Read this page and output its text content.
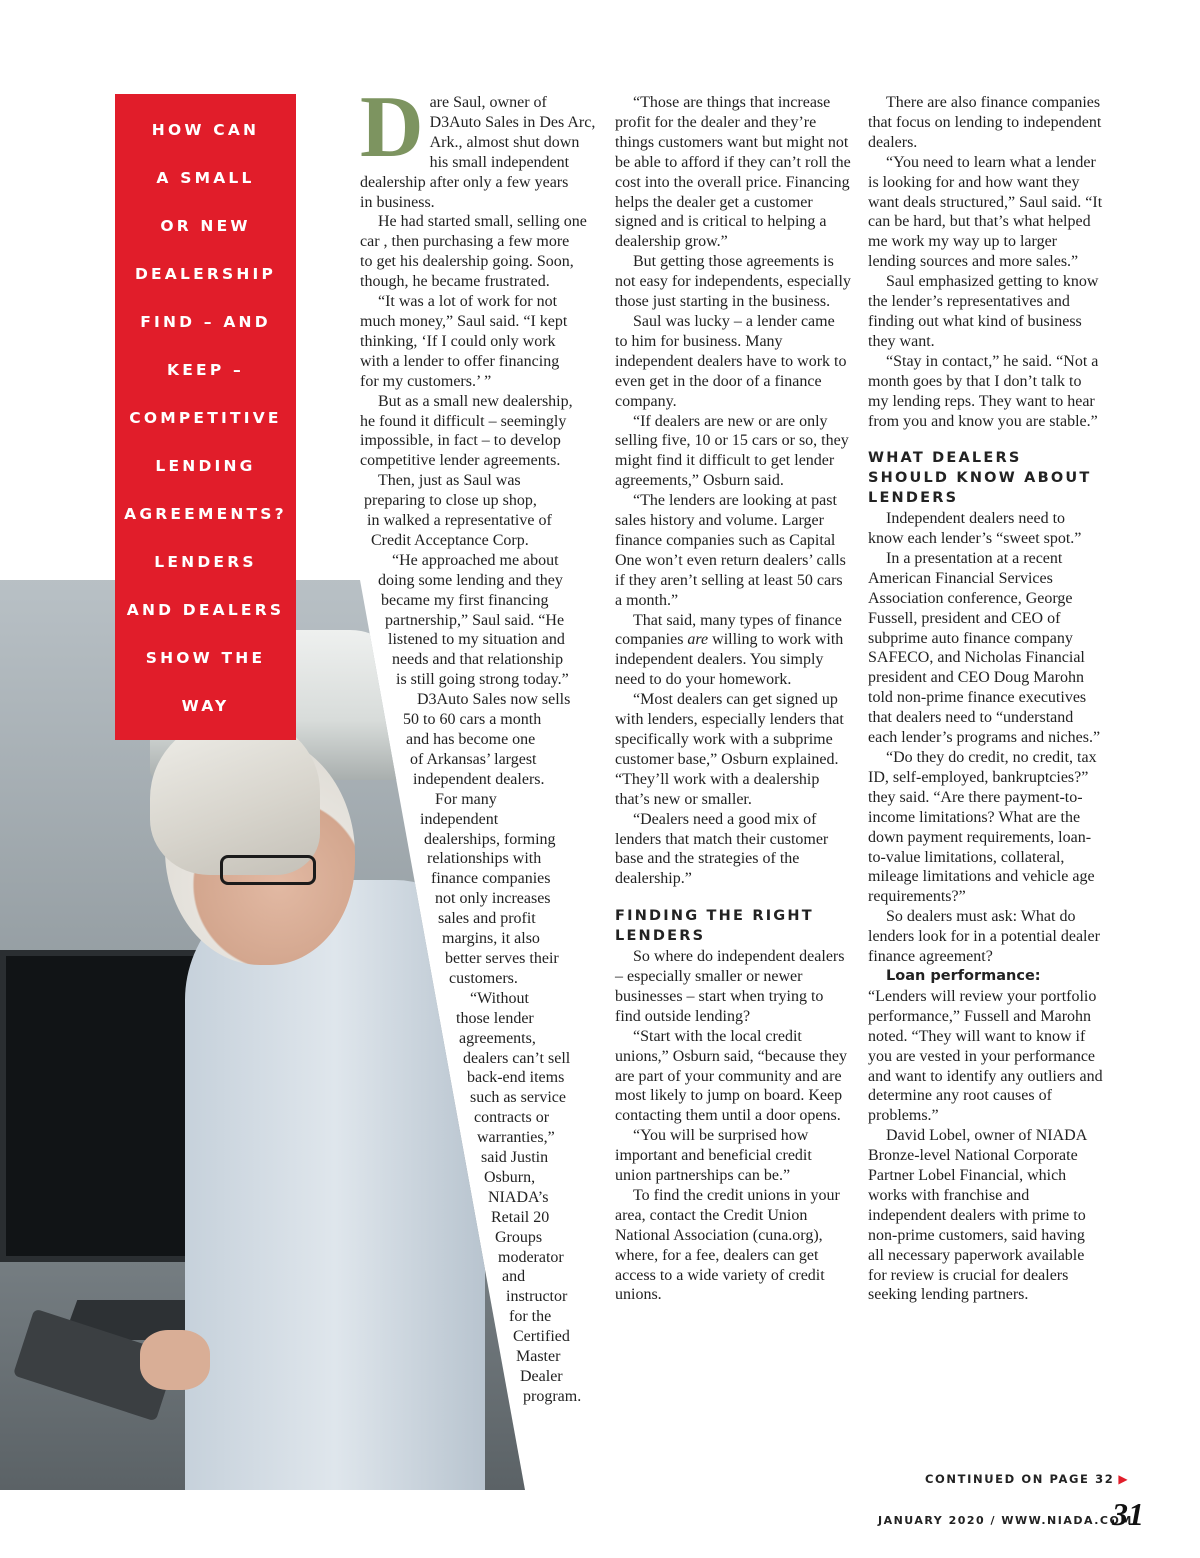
HOW CAN
A SMALL
OR NEW
DEALERSHIP
FIND – AND
KEEP –
COMPETITIVE
LENDING
AGREEMENTS?
LENDERS
AND DEALERS
SHOW THE
WAY
D are Saul, owner of
D3Auto Sales in Des Arc,
Ark., almost shut down
his small independent
dealership after only a few years
in business.
He had started small, selling one
car , then purchasing a few more
to get his dealership going. Soon,
though, he became frustrated.
“It was a lot of work for not
much money,” Saul said. “I kept
thinking, ‘If I could only work
with a lender to offer financing
for my customers.’ ”
But as a small new dealership,
he found it difficult – seemingly
impossible, in fact – to develop
competitive lender agreements.
Then, just as Saul was
preparing to close up shop,
in walked a representative of
Credit Acceptance Corp.
“He approached me about
doing some lending and they
became my first financing
partnership,” Saul said. “He
listened to my situation and
needs and that relationship
is still going strong today.”
D3Auto Sales now sells
50 to 60 cars a month
and has become one
of Arkansas’ largest
independent dealers.
For many
independent
dealerships, forming
relationships with
finance companies
not only increases
sales and profit
margins, it also
better serves their
customers.
“Without
those lender
agreements,
dealers can’t sell
back-end items
such as service
contracts or
warranties,”
said Justin
Osburn,
NIADA’s
Retail 20
Groups
moderator
and
instructor
for the
Certified
Master
Dealer
program.

“Those are things that increase profit for the dealer and they’re things customers want but might not be able to afford if they can’t roll the cost into the overall price. Financing helps the dealer get a customer signed and is critical to helping a dealership grow.”

But getting those agreements is not easy for independents, especially those just starting in the business.

Saul was lucky – a lender came to him for business. Many independent dealers have to work to even get in the door of a finance company.

“If dealers are new or are only selling five, 10 or 15 cars or so, they might find it difficult to get lender agreements,” Osburn said.

“The lenders are looking at past sales history and volume. Larger finance companies such as Capital One won’t even return dealers’ calls if they aren’t selling at least 50 cars a month.”

That said, many types of finance companies are willing to work with independent dealers. You simply need to do your homework.

“Most dealers can get signed up with lenders, especially lenders that specifically work with a subprime customer base,” Osburn explained. “They’ll work with a dealership that’s new or smaller.

“Dealers need a good mix of lenders that match their customer base and the strategies of the dealership.”

FINDING THE RIGHT LENDERS

So where do independent dealers – especially smaller or newer businesses – start when trying to find outside lending?

“Start with the local credit unions,” Osburn said, “because they are part of your community and are most likely to jump on board. Keep contacting them until a door opens.

“You will be surprised how important and beneficial credit union partnerships can be.”

To find the credit unions in your area, contact the Credit Union National Association (cuna.org), where, for a fee, dealers can get access to a wide variety of credit unions.

There are also finance companies that focus on lending to independent dealers.

“You need to learn what a lender is looking for and how want they want deals structured,” Saul said. “It can be hard, but that’s what helped me work my way up to larger lending sources and more sales.”

Saul emphasized getting to know the lender’s representatives and finding out what kind of business they want.

“Stay in contact,” he said. “Not a month goes by that I don’t talk to my lending reps. They want to hear from you and know you are stable.”

WHAT DEALERS SHOULD KNOW ABOUT LENDERS

Independent dealers need to know each lender’s “sweet spot.”

In a presentation at a recent American Financial Services Association conference, George Fussell, president and CEO of subprime auto finance company SAFECO, and Nicholas Financial president and CEO Doug Marohn told non-prime finance executives that dealers need to “understand each lender’s programs and niches.”

“Do they do credit, no credit, tax ID, self-employed, bankruptcies?” they said. “Are there payment-to-income limitations? What are the down payment requirements, loan-to-value limitations, collateral, mileage limitations and vehicle age requirements?”

So dealers must ask: What do lenders look for in a potential dealer finance agreement?

Loan performance:

“Lenders will review your portfolio performance,” Fussell and Marohn noted. “They will want to know if you are vested in your performance and want to identify any outliers and determine any root causes of problems.”

David Lobel, owner of NIADA Bronze-level National Corporate Partner Lobel Financial, which works with franchise and independent dealers with prime to non-prime customers, said having all necessary paperwork available for review is crucial for dealers seeking lending partners.

CONTINUED ON PAGE 32 ▶
JANUARY 2020 / WWW.NIADA.COM
31
